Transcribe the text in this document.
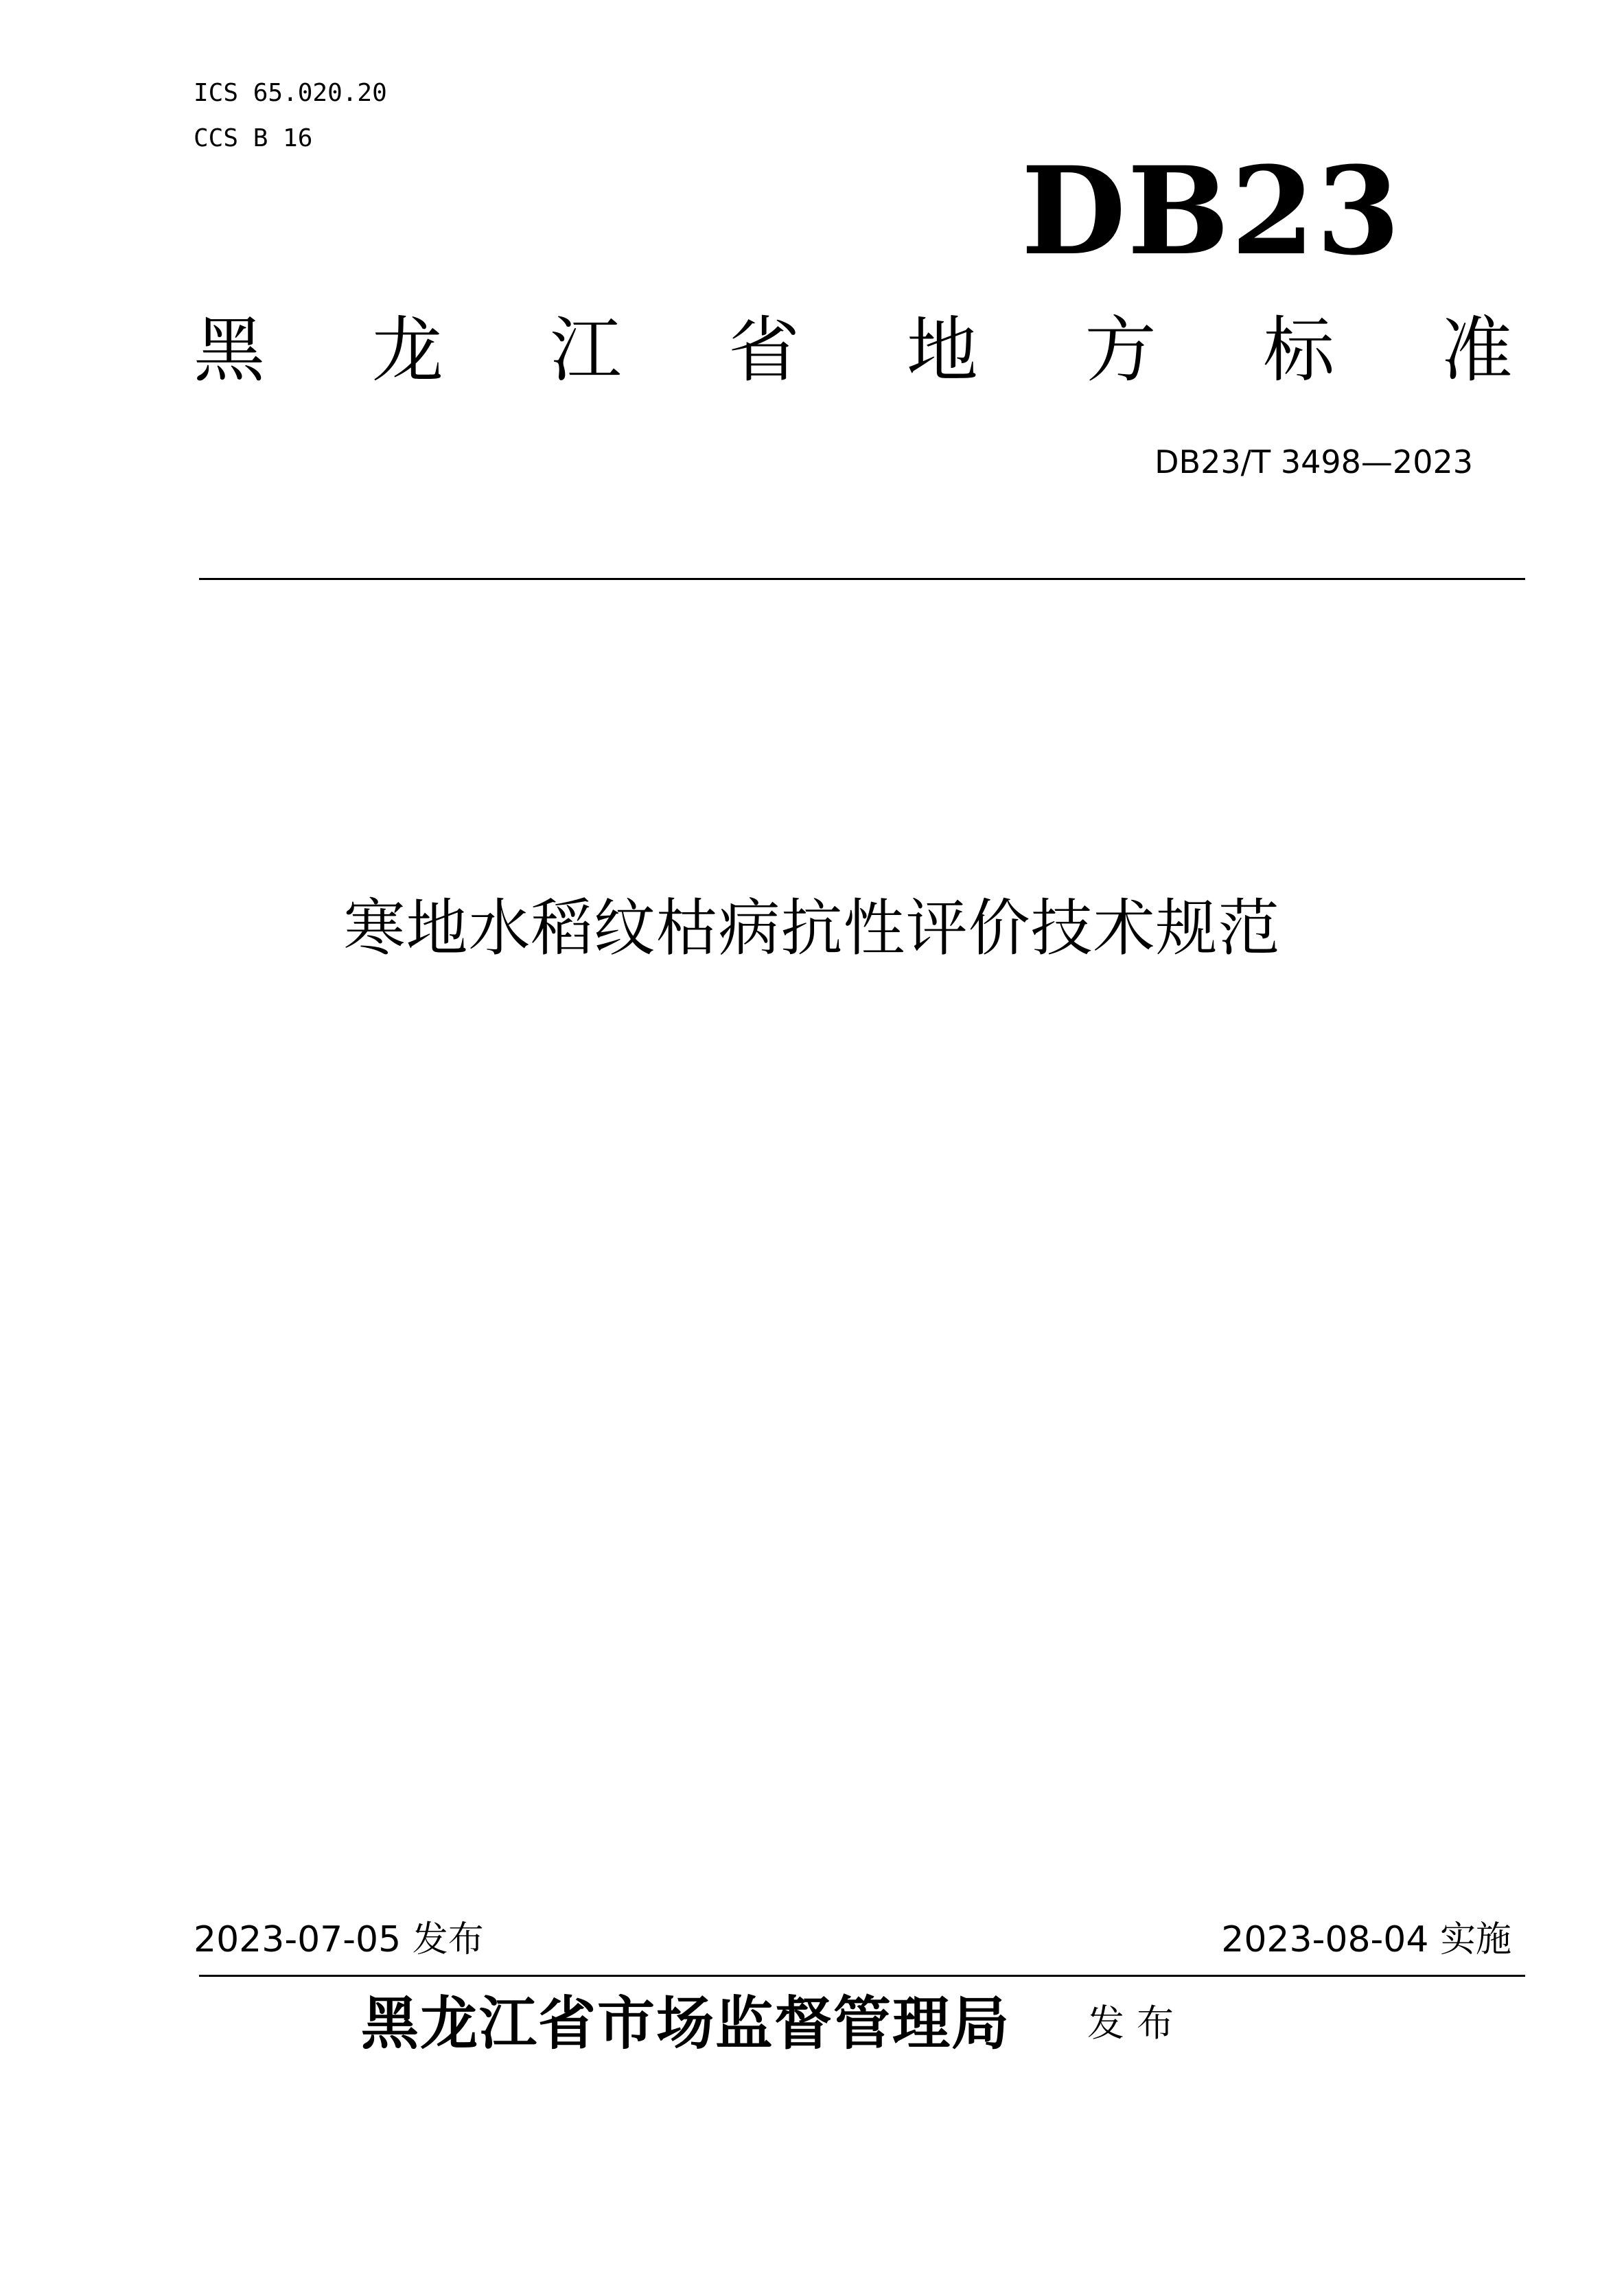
ICS 65.020.20
CCS B 16
DB23
黑 龙 江 省 地 方 标 准
DB23/T 3498—2023
寒地水稻纹枯病抗性评价技术规范
2023-07-05 发布	2023-08-04 实施
黑龙江省市场监督管理局 发布
